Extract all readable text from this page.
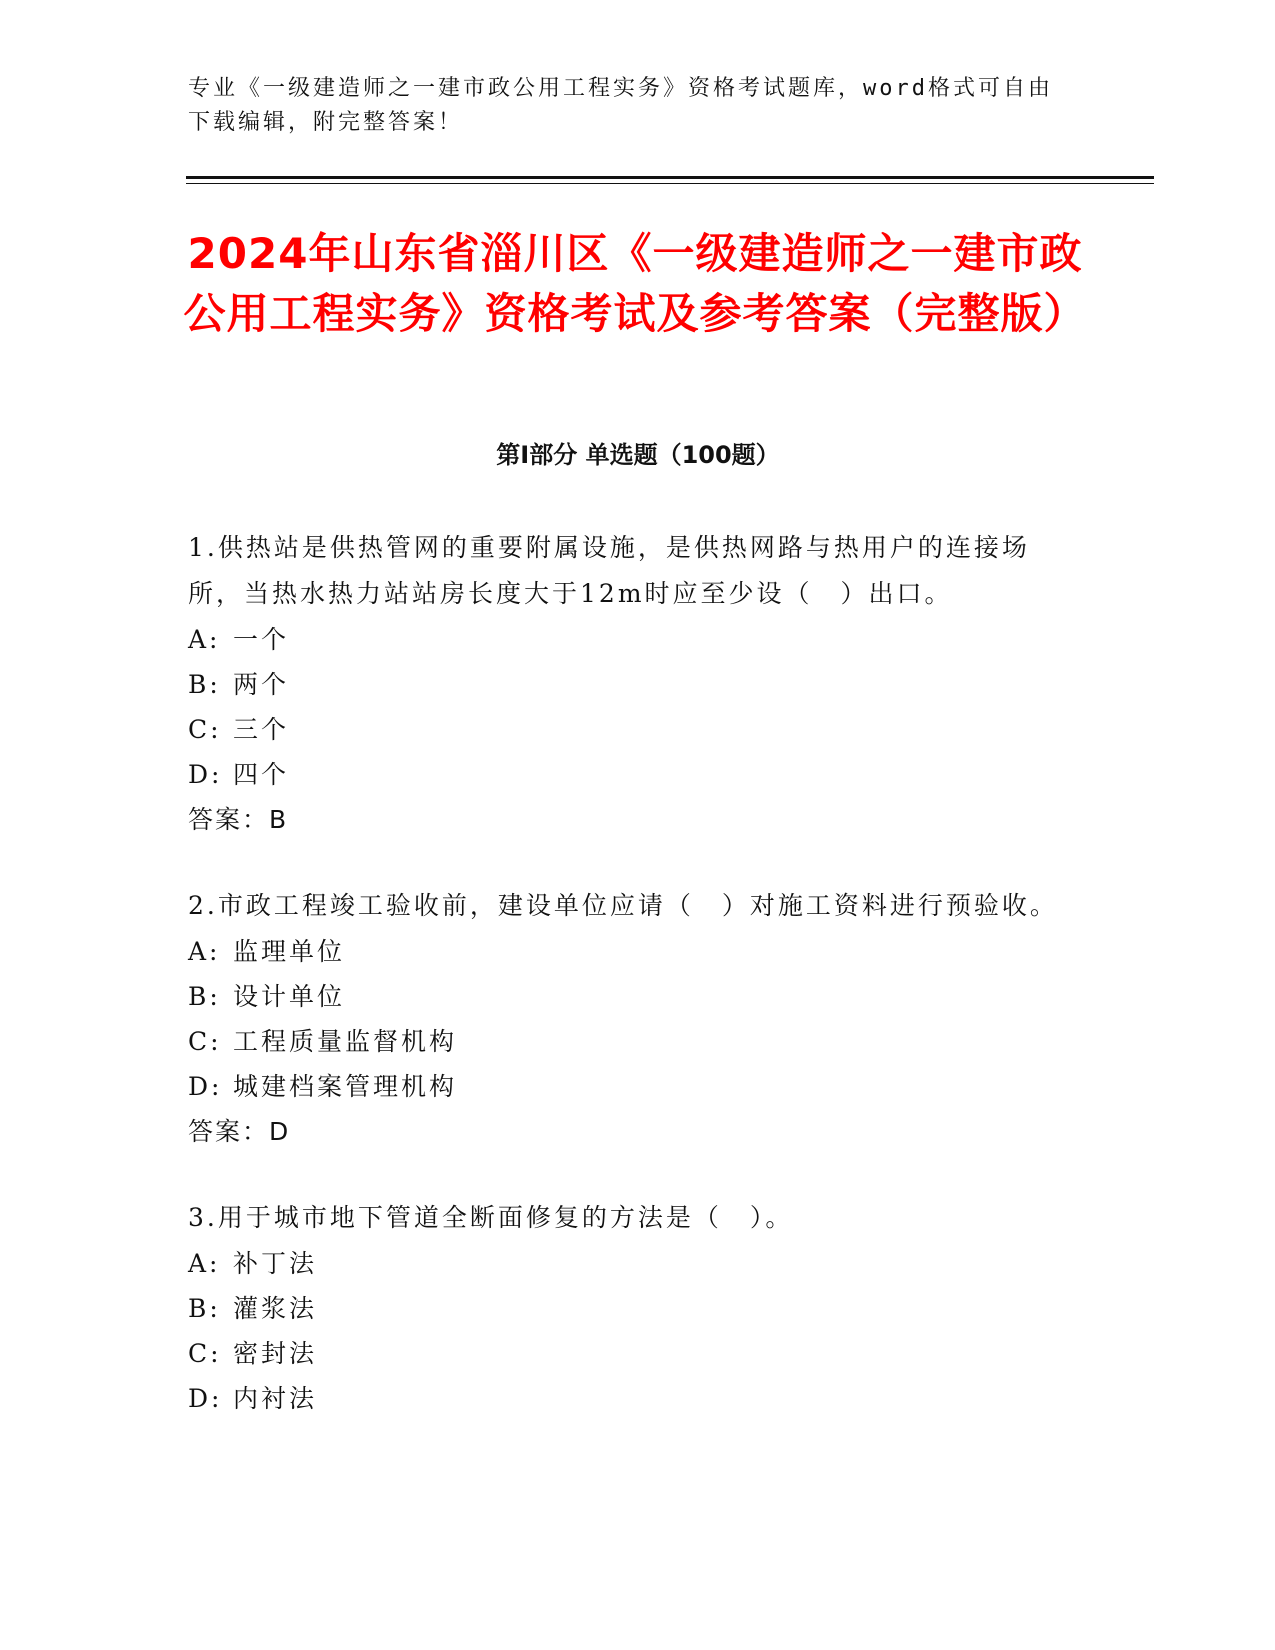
专业《一级建造师之一建市政公用工程实务》资格考试题库，word格式可自由下载编辑，附完整答案！
2024年山东省淄川区《一级建造师之一建市政公用工程实务》资格考试及参考答案（完整版）
第Ⅰ部分 单选题（100题）
1.供热站是供热管网的重要附属设施，是供热网路与热用户的连接场所，当热水热力站站房长度大于12m时应至少设（　）出口。
A: 一个
B: 两个
C: 三个
D: 四个
答案：B
2.市政工程竣工验收前，建设单位应请（　）对施工资料进行预验收。
A: 监理单位
B: 设计单位
C: 工程质量监督机构
D: 城建档案管理机构
答案：D
3.用于城市地下管道全断面修复的方法是（　）。
A: 补丁法
B: 灌浆法
C: 密封法
D: 内衬法
